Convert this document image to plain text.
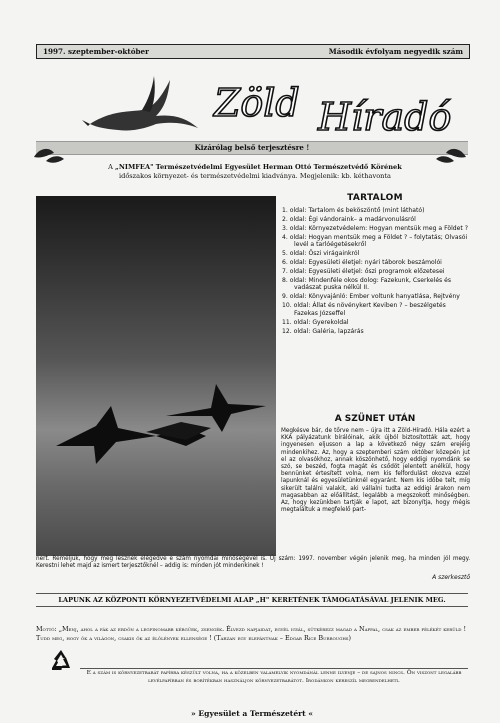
1997. szeptember-október	Második évfolyam negyedik szám
Zöld Híradó
Kizárólag belső terjesztésre !
A „NIMFEA" Természetvédelmi Egyesület Herman Ottó Természetvédő Körének
időszakos környezet- és természetvédelmi kiadványa. Megjelenik: kb. kéthavonta
TARTALOM
1. oldal: Tartalom és beköszöntő (mint látható)
2. oldal: Égi vándoraink– a madárvonulásról
3. oldal: Környezetvédelem: Hogyan mentsük meg a Földet ?
4. oldal: Hogyan mentsük meg a Földet ? – folytatás; Olvasói levél a tarlóégetésekről
5. oldal: Őszi virágainkról
6. oldal: Egyesületi életjel: nyári táborok beszámolói
7. oldal: Egyesületi életjel: őszi programok előzetesei
8. oldal: Mindenféle okos dolog: Fazekunk, Cserkelés és vadászat puska nélkül II.
9. oldal: Könyvajánló: Ember voltunk hanyatlása, Rejtvény
10. oldal: Állat és növénykert Keviben ? – beszélgetés Fazekas Józseffel
11. oldal: Gyerekoldal
12. oldal: Galéria, lapzárás
A SZÜNET UTÁN
Megkésve bár, de tőrve nem – újra itt a Zöld-Híradó. Hála ezért a KKA pályázatunk bírálóinak, akik újból biztosították azt, hogy ingyenesen eljusson a lap a következő négy szám erejéig mindenkihez. Az, hogy a szeptemberi szám október közepén jut el az olvasókhoz, annak köszönhető, hogy eddigi nyomdánk se szó, se beszéd, fogta magát és csődöt jelentett anélkül, hogy bennünket értesített volna, nem kis felfordulást okozva ezzel lapunknál és egyesületünknél egyaránt. Nem kis időbe telt, míg sikerült találni valakit, aki vállalni tudta az eddigi árakon nem magasabban az előállítást, legalább a megszokott minőségben. Az, hogy kezünkben tartják e lapot, azt bizonyítja, hogy mégis megtaláltuk a megfelelő part-
nert. Reméljük, hogy meg lesznek elégedve e szám nyomdai minőségével is. Új szám: 1997. november végén jelenik meg, ha minden jól megy. Kerestni lehet majd az ismert terjesztőknél – addig is: minden jót mindenkinek !
A szerkesztő
LAPUNK AZ KÖZPONTI KÖRNYEZETVÉDELMI ALAP „H" KERETÉNEK TÁMOGATÁSÁVAL JELENIK MEG.
Mottó: „Menj, ahol a fák az erdőn a legfinomabb kérgüek, zsengék. Élvezd napjaidat, egyél igyál, sütkérezz magad a Nappal, csak az ember félékét kerüld ! Tudd meg, hogy ők a világon, csakis ők az élőlények ellensége ! (Tarzan egy elefántnak – Edgar Rice Burroughs)
E a szám is környezetbarát papírra készült volna, ha a közelben valamelyik nyomdánál lenne ilyenje – de sajnos nincs. Ön viszont legalább levélpapírban és borítékban használjon környezetbarátot. Irodánkon kereszíl megrendelheti.
» Egyesület a Természetért «
